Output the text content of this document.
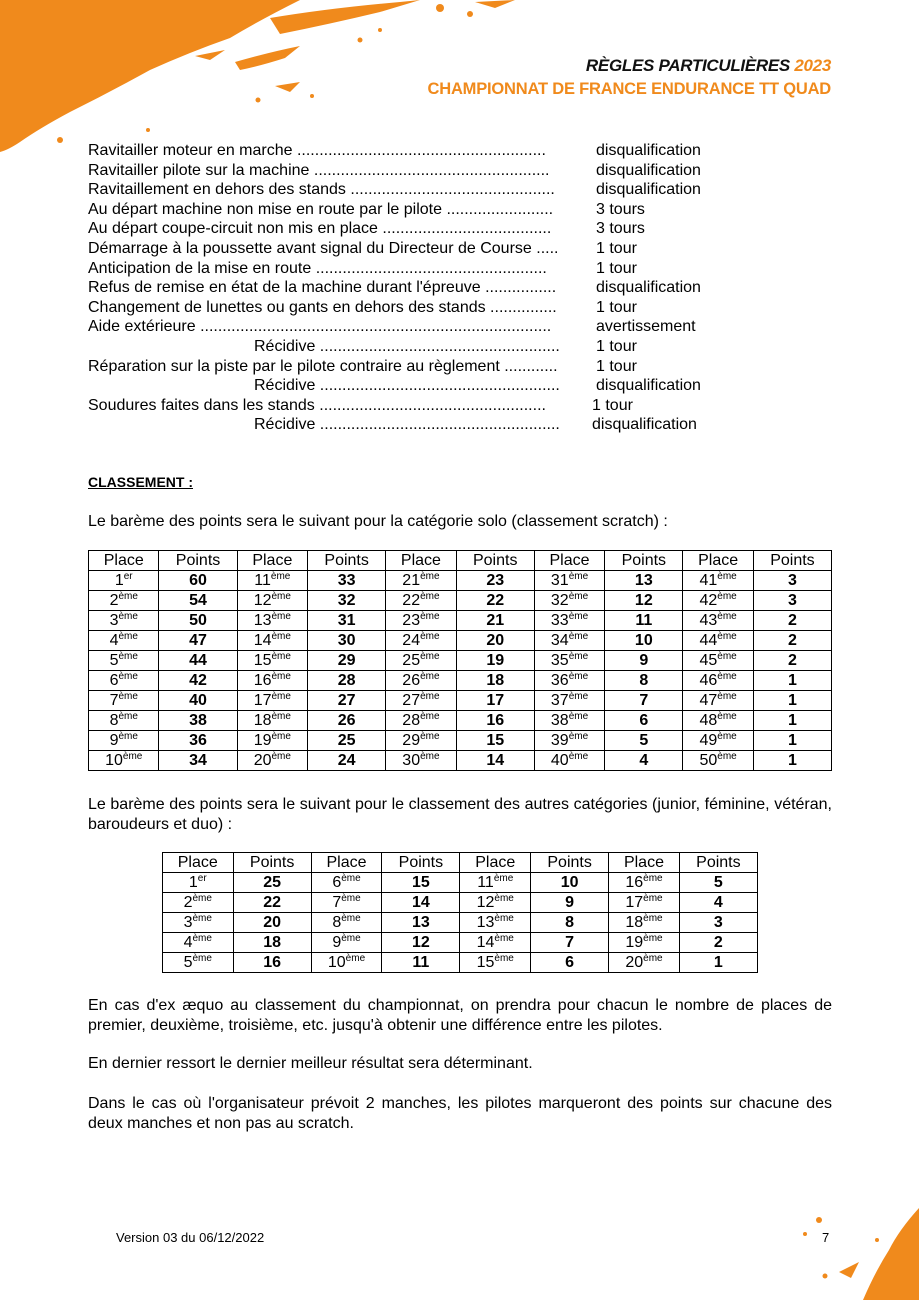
RÈGLES PARTICULIÈRES 2023
CHAMPIONNAT DE FRANCE ENDURANCE TT QUAD
Ravitailler moteur en marche ........................................................	disqualification
Ravitailler pilote sur la machine .....................................................	disqualification
Ravitaillement en dehors des stands ..............................................	disqualification
Au départ machine non mise en route par le pilote ........................	3 tours
Au départ coupe-circuit non mis en place ......................................	3 tours
Démarrage à la poussette avant signal du Directeur de Course ..... 1 tour
Anticipation de la mise en route ....................................................	1 tour
Refus de remise en état de la machine durant l'épreuve ................ disqualification
Changement de lunettes ou gants en dehors des stands ............... 1 tour
Aide extérieure ...............................................................................	avertissement
Récidive ...................................................... 1 tour
Réparation sur la piste par le pilote contraire au règlement ............ 1 tour
Récidive ...................................................... disqualification
Soudures faites dans les stands ...................................................	1 tour
Récidive ...................................................... disqualification
CLASSEMENT :
Le barème des points sera le suivant pour la catégorie solo (classement scratch) :
Place	Points	Place	Points	Place	Points	Place	Points	Place	Points
1er	60	11ème	33	21ème	23	31ème	13	41ème	3
2ème	54	12ème	32	22ème	22	32ème	12	42ème	3
3ème	50	13ème	31	23ème	21	33ème	11	43ème	2
4ème	47	14ème	30	24ème	20	34ème	10	44ème	2
5ème	44	15ème	29	25ème	19	35ème	9	45ème	2
6ème	42	16ème	28	26ème	18	36ème	8	46ème	1
7ème	40	17ème	27	27ème	17	37ème	7	47ème	1
8ème	38	18ème	26	28ème	16	38ème	6	48ème	1
9ème	36	19ème	25	29ème	15	39ème	5	49ème	1
10ème	34	20ème	24	30ème	14	40ème	4	50ème	1
Le barème des points sera le suivant pour le classement des autres catégories (junior, féminine, vétéran, baroudeurs et duo) :
Place	Points	Place	Points	Place	Points	Place	Points
1er	25	6ème	15	11ème	10	16ème	5
2ème	22	7ème	14	12ème	9	17ème	4
3ème	20	8ème	13	13ème	8	18ème	3
4ème	18	9ème	12	14ème	7	19ème	2
5ème	16	10ème	11	15ème	6	20ème	1
En cas d'ex æquo au classement du championnat, on prendra pour chacun le nombre de places de premier, deuxième, troisième, etc. jusqu'à obtenir une différence entre les pilotes.
En dernier ressort le dernier meilleur résultat sera déterminant.
Dans le cas où l'organisateur prévoit 2 manches, les pilotes marqueront des points sur chacune des deux manches et non pas au scratch.
Version 03 du 06/12/2022	7
